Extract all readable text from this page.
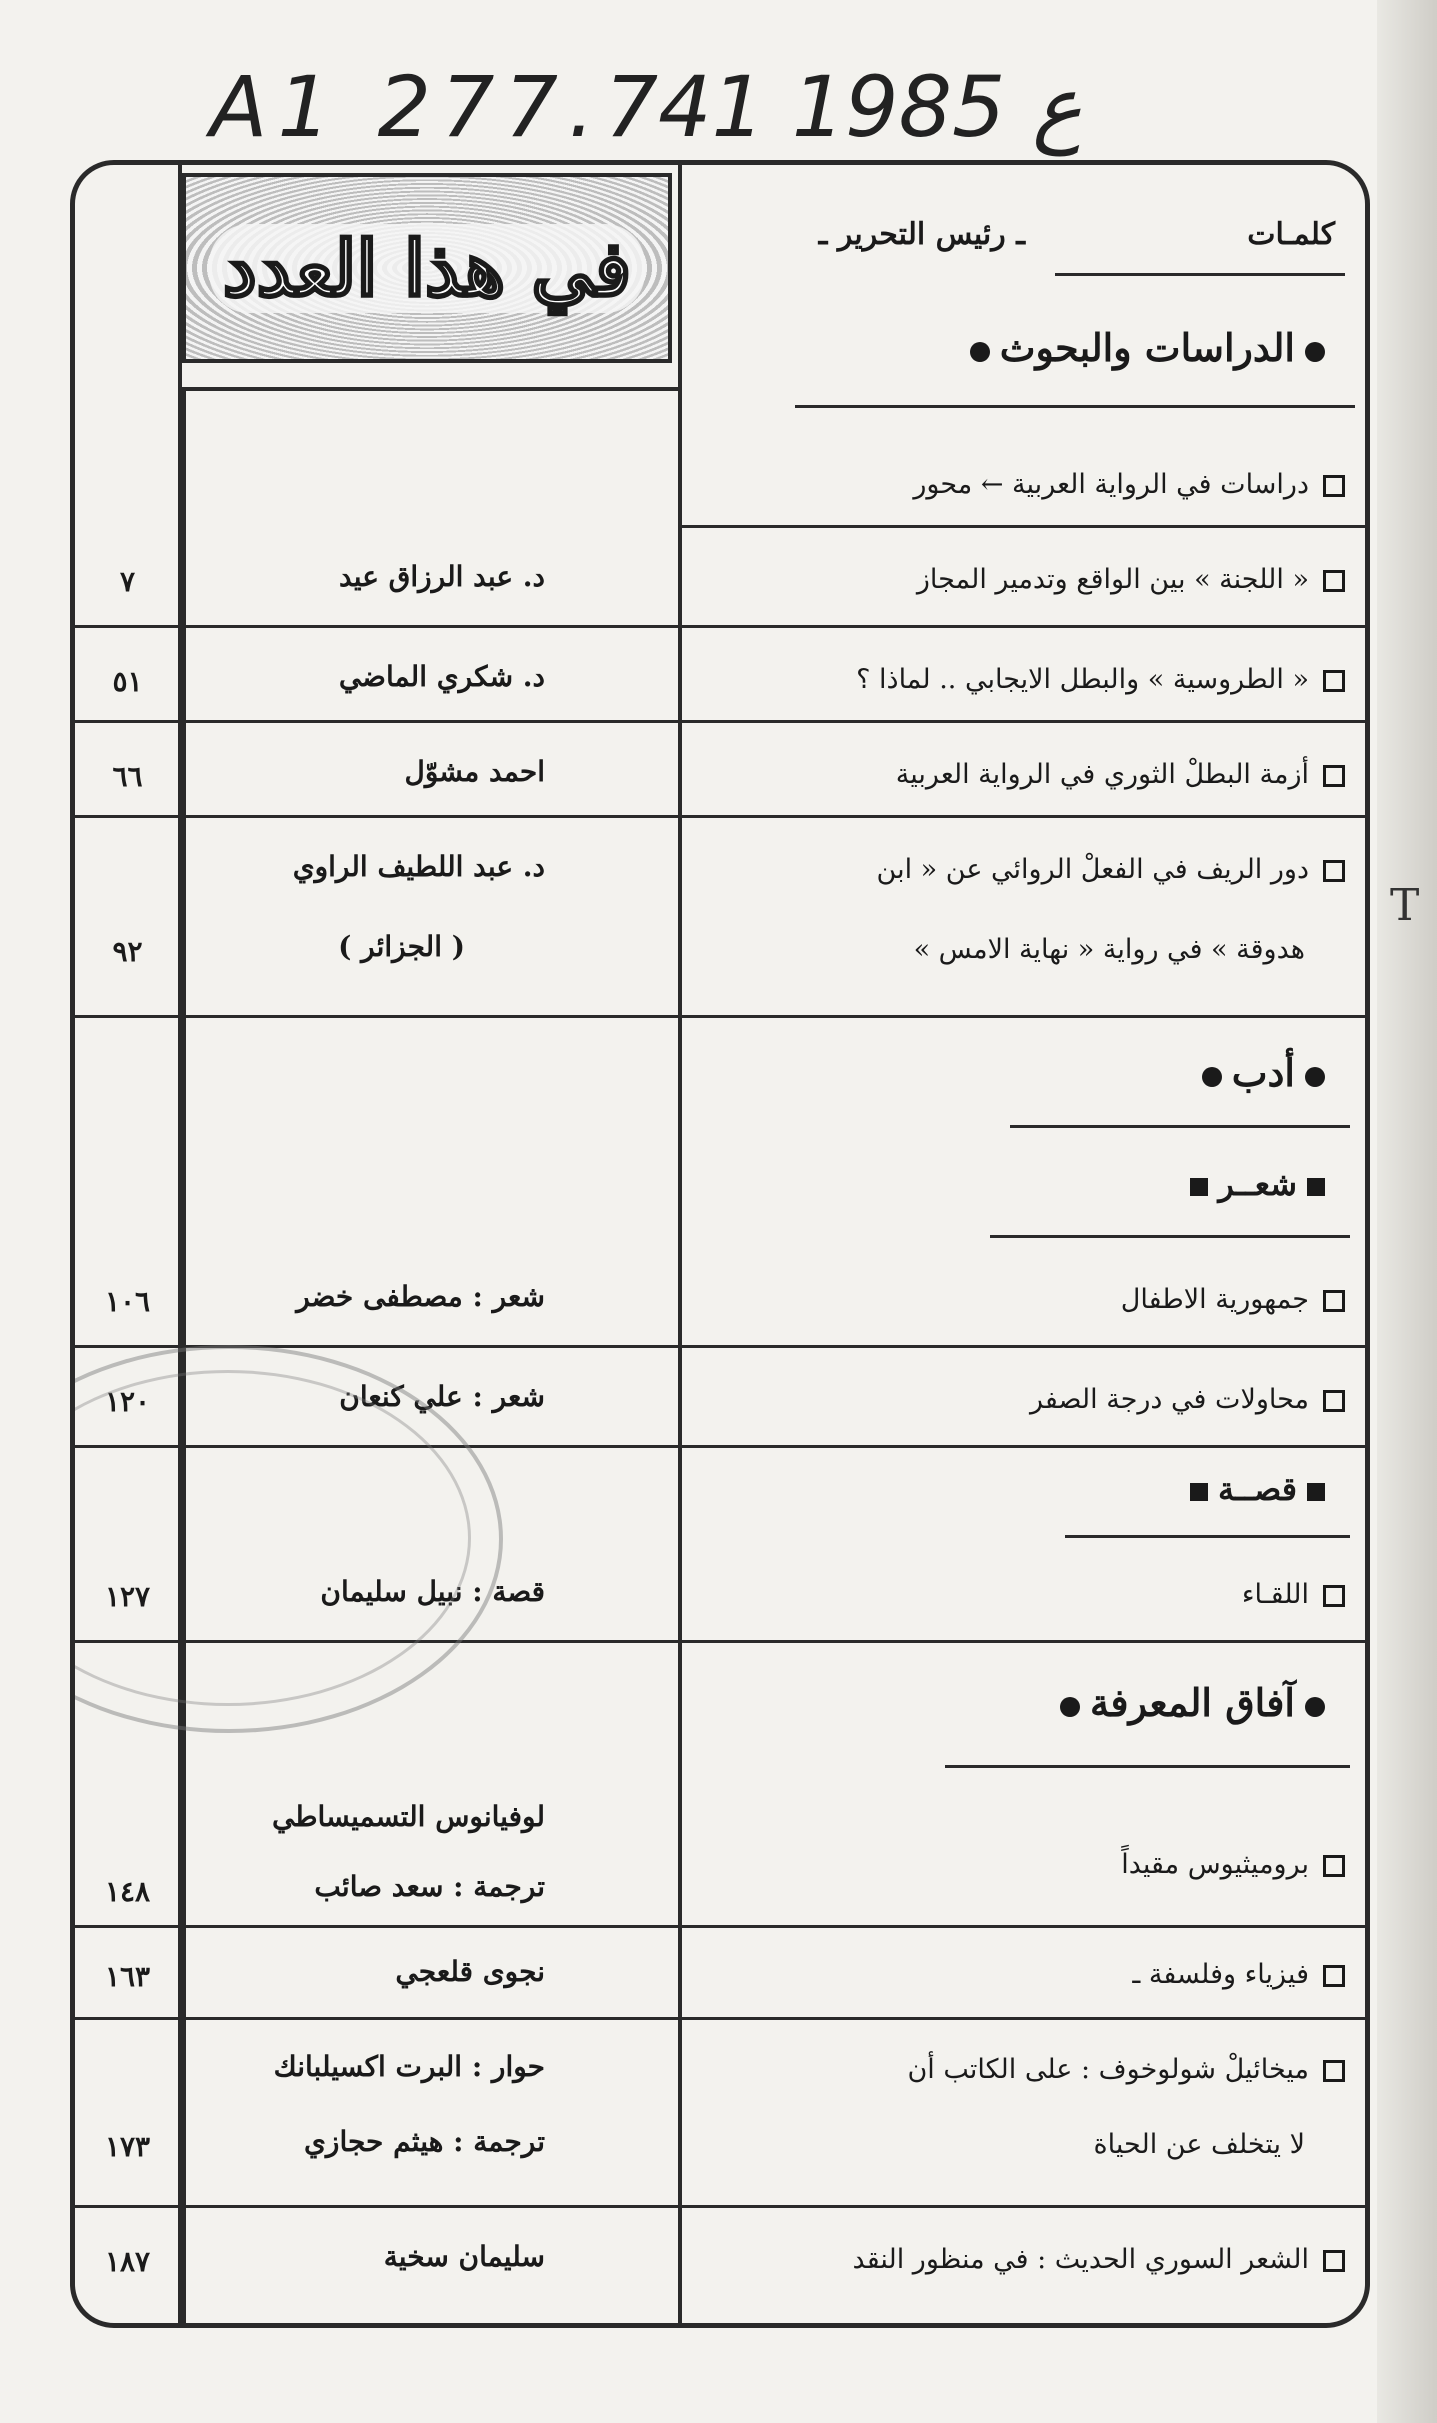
A1 277.ع 1985 741
T
في هذا العدد	كلمـات
ـ رئيس التحرير ـ
الدراسات والبحوث
دراسات في الرواية العربية ← محور
« اللجنة » بين الواقع وتدمير المجاز
« الطروسية » والبطل الايجابي .. لماذا ؟
أزمة البطلْ الثوري في الرواية العربية
دور الريف في الفعلْ الروائي عن « ابن
هدوقة » في رواية « نهاية الامس »
أدب
شعــر
جمهورية الاطفال
محاولات في درجة الصفر
قصــة
اللقـاء
آفاق المعرفة
بروميثيوس مقيداً
فيزياء وفلسفة ـ
ميخائيلْ شولوخوف : على الكاتب أن
لا يتخلف عن الحياة
الشعر السوري الحديث : في منظور النقد
د. عبد الرزاق عيد
د. شكري الماضي
احمد مشوّل
د. عبد اللطيف الراوي
( الجزائر )
شعر : مصطفى خضر
شعر : علي كنعان
قصة : نبيل سليمان
لوفيانوس التسميساطي
ترجمة : سعد صائب
نجوى قلعجي
حوار : البرت اكسيلبانك
ترجمة : هيثم حجازي
سليمان سخية
٧
٥١
٦٦
٩٢
١٠٦
١٢٠
١٢٧
١٤٨
١٦٣
١٧٣
١٨٧
